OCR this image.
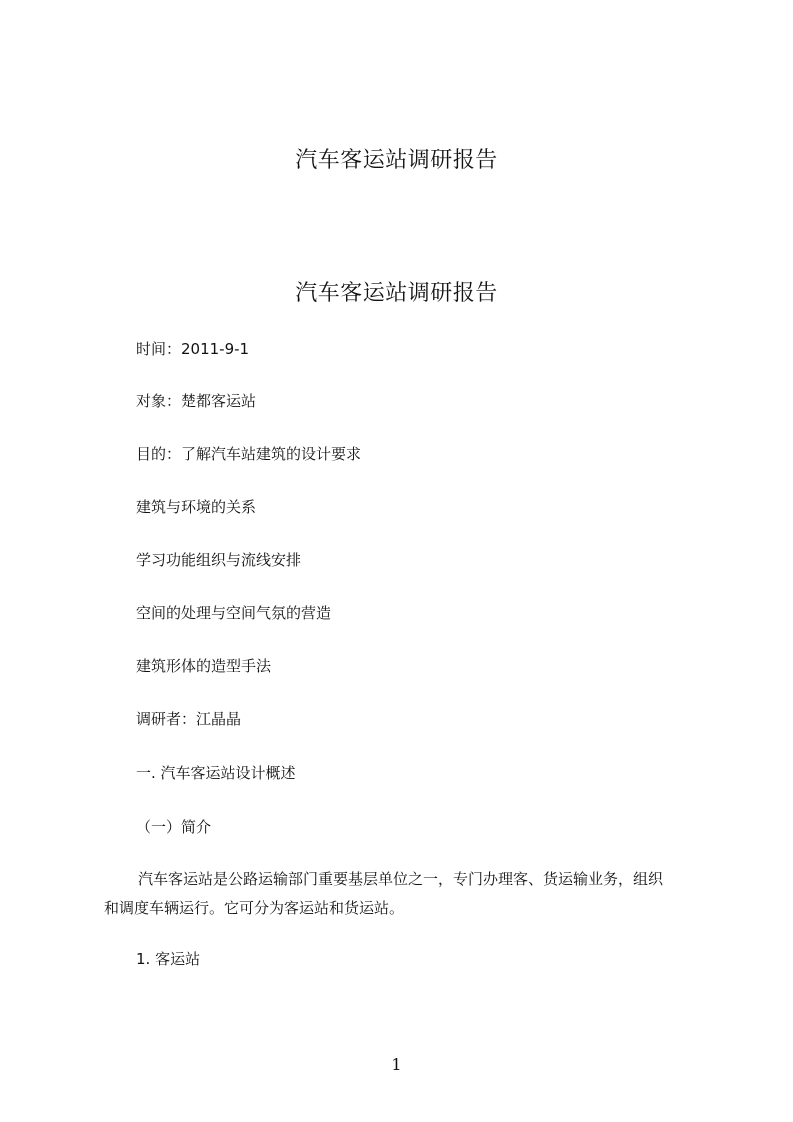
汽车客运站调研报告
汽车客运站调研报告
时间：2011-9-1
对象：楚都客运站
目的：了解汽车站建筑的设计要求
建筑与环境的关系
学习功能组织与流线安排
空间的处理与空间气氛的营造
建筑形体的造型手法
调研者：江晶晶
一. 汽车客运站设计概述
（一）简介
汽车客运站是公路运输部门重要基层单位之一，专门办理客、货运输业务，组织
和调度车辆运行。它可分为客运站和货运站。
1. 客运站
1
